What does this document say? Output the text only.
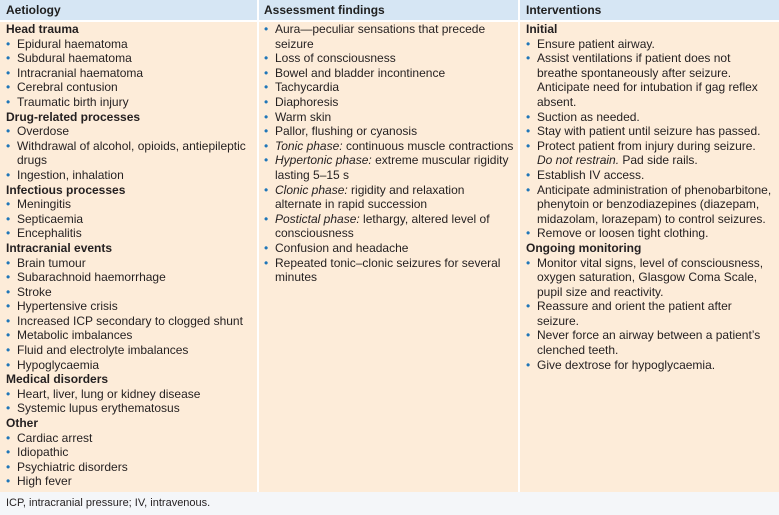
Aetiology	Assessment findings	Interventions
Head trauma
• Epidural haematoma
• Subdural haematoma
• Intracranial haematoma
• Cerebral contusion
• Traumatic birth injury
Drug-related processes
• Overdose
• Withdrawal of alcohol, opioids, antiepileptic drugs
• Ingestion, inhalation
Infectious processes
• Meningitis
• Septicaemia
• Encephalitis
Intracranial events
• Brain tumour
• Subarachnoid haemorrhage
• Stroke
• Hypertensive crisis
• Increased ICP secondary to clogged shunt
• Metabolic imbalances
• Fluid and electrolyte imbalances
• Hypoglycaemia
Medical disorders
• Heart, liver, lung or kidney disease
• Systemic lupus erythematosus
Other
• Cardiac arrest
• Idiopathic
• Psychiatric disorders
• High fever
• Aura—peculiar sensations that precede seizure
• Loss of consciousness
• Bowel and bladder incontinence
• Tachycardia
• Diaphoresis
• Warm skin
• Pallor, flushing or cyanosis
• Tonic phase: continuous muscle contractions
• Hypertonic phase: extreme muscular rigidity lasting 5–15 s
• Clonic phase: rigidity and relaxation alternate in rapid succession
• Postictal phase: lethargy, altered level of consciousness
• Confusion and headache
• Repeated tonic–clonic seizures for several minutes
Initial
• Ensure patient airway.
• Assist ventilations if patient does not breathe spontaneously after seizure. Anticipate need for intubation if gag reflex absent.
• Suction as needed.
• Stay with patient until seizure has passed.
• Protect patient from injury during seizure. Do not restrain. Pad side rails.
• Establish IV access.
• Anticipate administration of phenobarbitone, phenytoin or benzodiazepines (diazepam, midazolam, lorazepam) to control seizures.
• Remove or loosen tight clothing.
Ongoing monitoring
• Monitor vital signs, level of consciousness, oxygen saturation, Glasgow Coma Scale, pupil size and reactivity.
• Reassure and orient the patient after seizure.
• Never force an airway between a patient’s clenched teeth.
• Give dextrose for hypoglycaemia.
ICP, intracranial pressure; IV, intravenous.
